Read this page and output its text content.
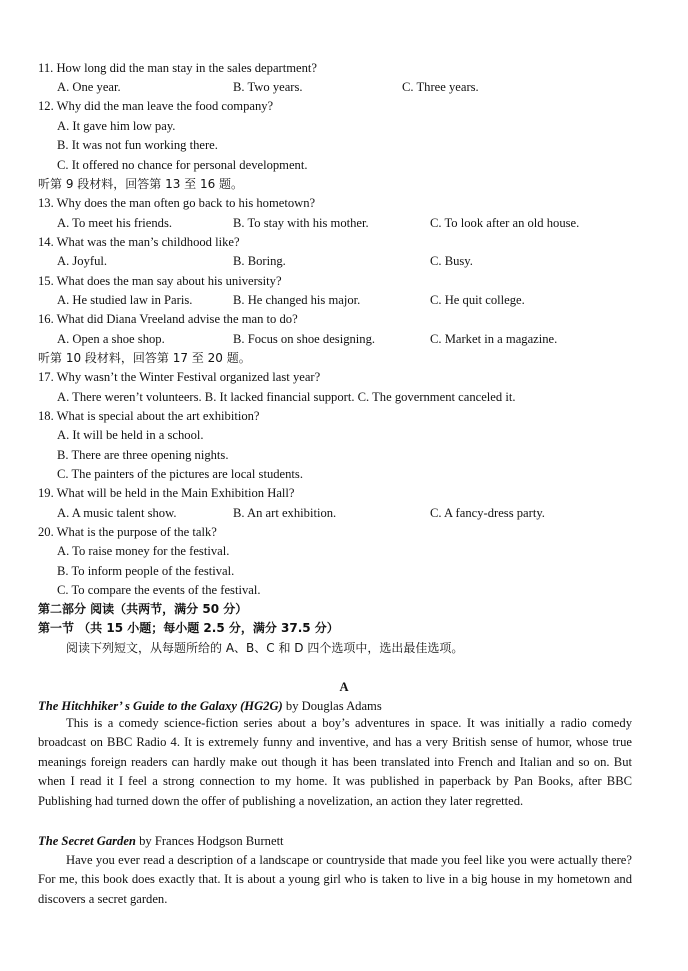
11. How long did the man stay in the sales department?
A. One year.	B. Two years.	C. Three years.
12. Why did the man leave the food company?
A. It gave him low pay.
B. It was not fun working there.
C. It offered no chance for personal development.
听第 9 段材料，回答第 13 至 16 题。
13. Why does the man often go back to his hometown?
A. To meet his friends.	B. To stay with his mother.	C. To look after an old house.
14. What was the man’s childhood like?
A. Joyful.	B. Boring.	C. Busy.
15. What does the man say about his university?
A. He studied law in Paris.	B. He changed his major.	C. He quit college.
16. What did Diana Vreeland advise the man to do?
A. Open a shoe shop.	B. Focus on shoe designing.	C. Market in a magazine.
听第 10 段材料，回答第 17 至 20 题。
17. Why wasn’t the Winter Festival organized last year?
A. There weren’t volunteers. B. It lacked financial support. C. The government canceled it.
18. What is special about the art exhibition?
A. It will be held in a school.
B. There are three opening nights.
C. The painters of the pictures are local students.
19. What will be held in the Main Exhibition Hall?
A. A music talent show.	B. An art exhibition.	C. A fancy-dress party.
20. What is the purpose of the talk?
A. To raise money for the festival.
B. To inform people of the festival.
C. To compare the events of the festival.
第二部分 阅读（共两节，满分 50 分）
第一节 （共 15 小题；每小题 2.5 分，满分 37.5 分）
阅读下列短文，从每题所给的 A、B、C 和 D 四个选项中，选出最佳选项。
A
The Hitchhiker’ s Guide to the Galaxy (HG2G) by Douglas Adams
This is a comedy science-fiction series about a boy’s adventures in space. It was initially a radio comedy broadcast on BBC Radio 4. It is extremely funny and inventive, and has a very British sense of humor, whose true meanings foreign readers can hardly make out though it has been translated into French and Italian and so on. But when I read it I feel a strong connection to my home. It was published in paperback by Pan Books, after BBC Publishing had turned down the offer of publishing a novelization, an action they later regretted.
The Secret Garden by Frances Hodgson Burnett
Have you ever read a description of a landscape or countryside that made you feel like you were actually there? For me, this book does exactly that. It is about a young girl who is taken to live in a big house in my hometown and discovers a secret garden.
